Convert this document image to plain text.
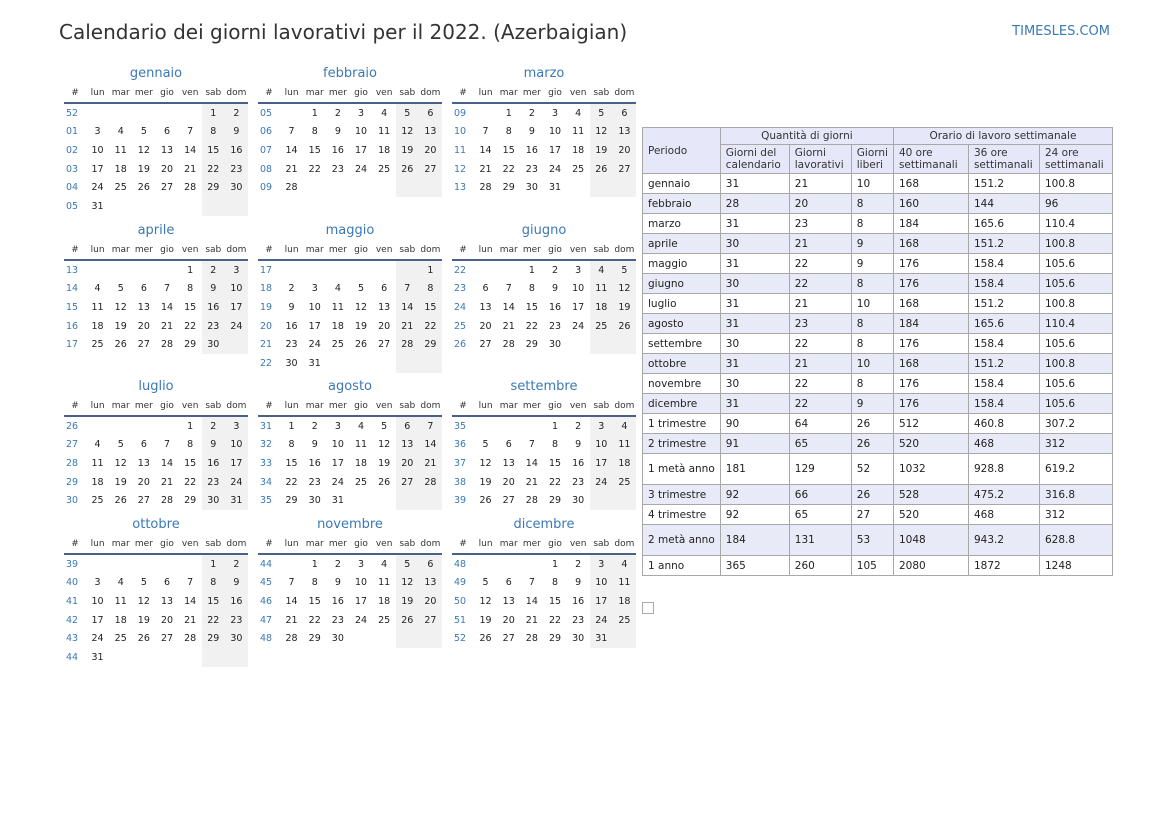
Calendario dei giorni lavorativi per il 2022. (Azerbaigian)	TIMESLES.COM
gennaio
#	lun	mar	mer	gio	ven	sab	dom
52						1	2
01	3	4	5	6	7	8	9
02	10	11	12	13	14	15	16
03	17	18	19	20	21	22	23
04	24	25	26	27	28	29	30
05	31						
febbraio
#	lun	mar	mer	gio	ven	sab	dom
05		1	2	3	4	5	6
06	7	8	9	10	11	12	13
07	14	15	16	17	18	19	20
08	21	22	23	24	25	26	27
09	28						
marzo
#	lun	mar	mer	gio	ven	sab	dom
09		1	2	3	4	5	6
10	7	8	9	10	11	12	13
11	14	15	16	17	18	19	20
12	21	22	23	24	25	26	27
13	28	29	30	31			
aprile
#	lun	mar	mer	gio	ven	sab	dom
13					1	2	3
14	4	5	6	7	8	9	10
15	11	12	13	14	15	16	17
16	18	19	20	21	22	23	24
17	25	26	27	28	29	30	
maggio
#	lun	mar	mer	gio	ven	sab	dom
17							1
18	2	3	4	5	6	7	8
19	9	10	11	12	13	14	15
20	16	17	18	19	20	21	22
21	23	24	25	26	27	28	29
22	30	31					
giugno
#	lun	mar	mer	gio	ven	sab	dom
22			1	2	3	4	5
23	6	7	8	9	10	11	12
24	13	14	15	16	17	18	19
25	20	21	22	23	24	25	26
26	27	28	29	30			
luglio
#	lun	mar	mer	gio	ven	sab	dom
26					1	2	3
27	4	5	6	7	8	9	10
28	11	12	13	14	15	16	17
29	18	19	20	21	22	23	24
30	25	26	27	28	29	30	31
agosto
#	lun	mar	mer	gio	ven	sab	dom
31	1	2	3	4	5	6	7
32	8	9	10	11	12	13	14
33	15	16	17	18	19	20	21
34	22	23	24	25	26	27	28
35	29	30	31				
settembre
#	lun	mar	mer	gio	ven	sab	dom
35				1	2	3	4
36	5	6	7	8	9	10	11
37	12	13	14	15	16	17	18
38	19	20	21	22	23	24	25
39	26	27	28	29	30		
ottobre
#	lun	mar	mer	gio	ven	sab	dom
39						1	2
40	3	4	5	6	7	8	9
41	10	11	12	13	14	15	16
42	17	18	19	20	21	22	23
43	24	25	26	27	28	29	30
44	31						
novembre
#	lun	mar	mer	gio	ven	sab	dom
44		1	2	3	4	5	6
45	7	8	9	10	11	12	13
46	14	15	16	17	18	19	20
47	21	22	23	24	25	26	27
48	28	29	30				
dicembre
#	lun	mar	mer	gio	ven	sab	dom
48				1	2	3	4
49	5	6	7	8	9	10	11
50	12	13	14	15	16	17	18
51	19	20	21	22	23	24	25
52	26	27	28	29	30	31	
Periodo	Quantità di giorni			Orario di lavoro settimanale		
	Giorni del calendario	Giorni lavorativi	Giorni liberi	40 ore settimanali	36 ore settimanali	24 ore settimanali
gennaio	31	21	10	168	151.2	100.8
febbraio	28	20	8	160	144	96
marzo	31	23	8	184	165.6	110.4
aprile	30	21	9	168	151.2	100.8
maggio	31	22	9	176	158.4	105.6
giugno	30	22	8	176	158.4	105.6
luglio	31	21	10	168	151.2	100.8
agosto	31	23	8	184	165.6	110.4
settembre	30	22	8	176	158.4	105.6
ottobre	31	21	10	168	151.2	100.8
novembre	30	22	8	176	158.4	105.6
dicembre	31	22	9	176	158.4	105.6
1 trimestre	90	64	26	512	460.8	307.2
2 trimestre	91	65	26	520	468	312
1 metà anno	181	129	52	1032	928.8	619.2
3 trimestre	92	66	26	528	475.2	316.8
4 trimestre	92	65	27	520	468	312
2 metà anno	184	131	53	1048	943.2	628.8
1 anno	365	260	105	2080	1872	1248
